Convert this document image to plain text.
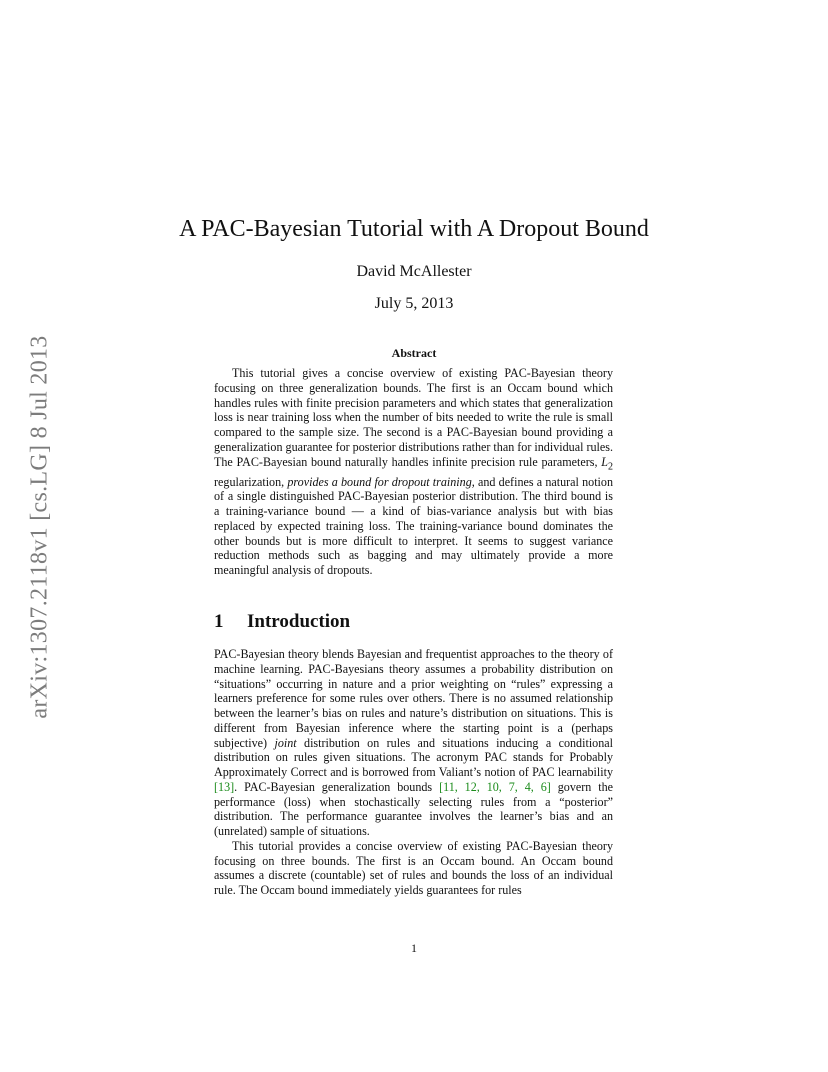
arXiv:1307.2118v1 [cs.LG] 8 Jul 2013
A PAC-Bayesian Tutorial with A Dropout Bound
David McAllester
July 5, 2013
Abstract

This tutorial gives a concise overview of existing PAC-Bayesian theory focusing on three generalization bounds. The first is an Occam bound which handles rules with finite precision parameters and which states that generalization loss is near training loss when the number of bits needed to write the rule is small compared to the sample size. The second is a PAC-Bayesian bound providing a generalization guarantee for posterior distributions rather than for individual rules. The PAC-Bayesian bound naturally handles infinite precision rule parameters, $L_2$ regularization, provides a bound for dropout training, and defines a natural notion of a single distinguished PAC-Bayesian posterior distribution. The third bound is a training-variance bound — a kind of bias-variance analysis but with bias replaced by expected training loss. The training-variance bound dominates the other bounds but is more difficult to interpret. It seems to suggest variance reduction methods such as bagging and may ultimately provide a more meaningful analysis of dropouts.

1 Introduction

PAC-Bayesian theory blends Bayesian and frequentist approaches to the theory of machine learning. PAC-Bayesians theory assumes a probability distribution on “situations” occurring in nature and a prior weighting on “rules” expressing a learners preference for some rules over others. There is no assumed relationship between the learner’s bias on rules and nature’s distribution on situations. This is different from Bayesian inference where the starting point is a (perhaps subjective) joint distribution on rules and situations inducing a conditional distribution on rules given situations. The acronym PAC stands for Probably Approximately Correct and is borrowed from Valiant’s notion of PAC learnability [13]. PAC-Bayesian generalization bounds [11, 12, 10, 7, 4, 6] govern the performance (loss) when stochastically selecting rules from a “posterior” distribution. The performance guarantee involves the learner’s bias and an (unrelated) sample of situations.

This tutorial provides a concise overview of existing PAC-Bayesian theory focusing on three bounds. The first is an Occam bound. An Occam bound assumes a discrete (countable) set of rules and bounds the loss of an individual rule. The Occam bound immediately yields guarantees for rules

1
